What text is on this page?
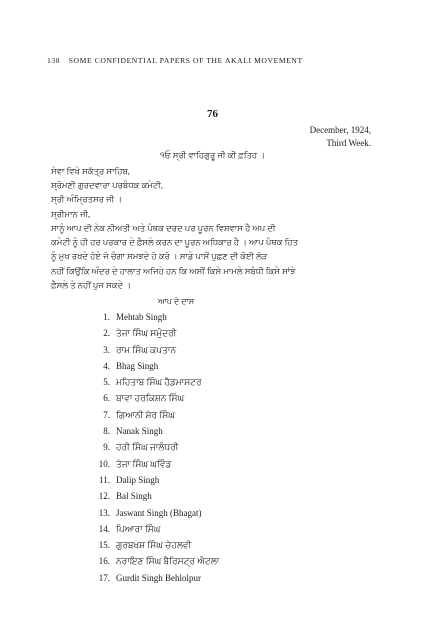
138 SOME CONFIDENTIAL PAPERS OF THE AKALI MOVEMENT
76
December, 1924,
Third Week.
੧ਓ ਸ੍ਰੀ ਵਾਹਿਗੁਰੂ ਜੀ ਕੀ ਫ਼ਤਿਹ ।
ਸੇਵਾ ਵਿਖੇ ਸਕੱਤ੍ਰ ਸਾਹਿਬ,
ਸ਼੍ਰੋਮਣੀ ਗੁਰਦਵਾਰਾ ਪਰਬੰਧਕ ਕਮੇਟੀ,
ਸ੍ਰੀ ਅੰਮ੍ਰਿਤਸਰ ਜੀ ।
ਸ੍ਰੀਮਾਨ ਜੀ,
ਸਾਨੂੰ ਆਪ ਦੀ ਨੇਕ ਨੀਅਤੀ ਅਤੇ ਪੰਥਕ ਦਰਦ ਪਰ ਪੂਰਨ ਵਿਸ਼ਵਾਸ ਹੈ ਅਪ ਦੀ
ਕਮੇਟੀ ਨੂੰ ਹੀ ਹਰ ਪਰਕਾਰ ਦੇ ਫ਼ੈਸਲੇ ਕਰਨ ਦਾ ਪੂਰਨ ਅਧਿਕਾਰ ਹੈ । ਆਪ ਪੰਥਕ ਹਿਤ
ਨੂੰ ਮੁਖ ਰਖਦੇ ਹੋਏ ਜੋ ਚੰਗਾ ਸਮਝਦੇ ਹੋ ਕਰੋ । ਸਾਡੇ ਪਾਸੋਂ ਪੁਛਣ ਦੀ ਕੋਈ ਲੋੜ
ਨਹੀਂ ਕਿਉਂਕਿ ਅੰਦਰ ਦੇ ਹਾਲਾਤ ਅਜਿਹੇ ਹਨ ਕਿ ਅਸੀਂ ਕਿਸੇ ਮਾਮਲੇ ਸਬੰਧੀ ਕਿਸੇ ਸਾਂਝੇ
ਫ਼ੈਸਲੇ ਤੇ ਨਹੀਂ ਪੁਜ ਸਕਦੇ ।
ਆਪ ਦੇ ਦਾਸ
1. Mehtab Singh
2. ਤੇਜਾ ਸਿੰਘ ਸਮੁੰਦਰੀ
3. ਰਾਮ ਸਿੰਘ ਕਪਤਾਨ
4. Bhag Singh
5. ਮਹਿਤਾਬ ਸਿੰਘ ਹੈਡਮਾਸਟਰ
6. ਬਾਵਾ ਹਰਕਿਸ਼ਨ ਸਿੰਘ
7. ਗਿਆਨੀ ਸ਼ੇਰ ਸਿੰਘ
8. Nanak Singh
9. ਹਰੀ ਸਿੰਘ ਜਾਲੰਧਰੀ
10. ਤੇਜਾ ਸਿੰਘ ਘਵਿੰਡ
11. Dalip Singh
12. Bal Singh
13. Jaswant Singh (Bhagat)
14. ਪਿਆਰਾ ਸਿੰਘ
15. ਗੁਰਬਖਸ਼ ਸਿੰਘ ਚੇਹਲਵੀ
16. ਨਰਾਇਣ ਸਿੰਘ ਬੈਰਿਸਟ੍ਰ ਐਟਲਾ
17. Gurdit Singh Behlolpur
